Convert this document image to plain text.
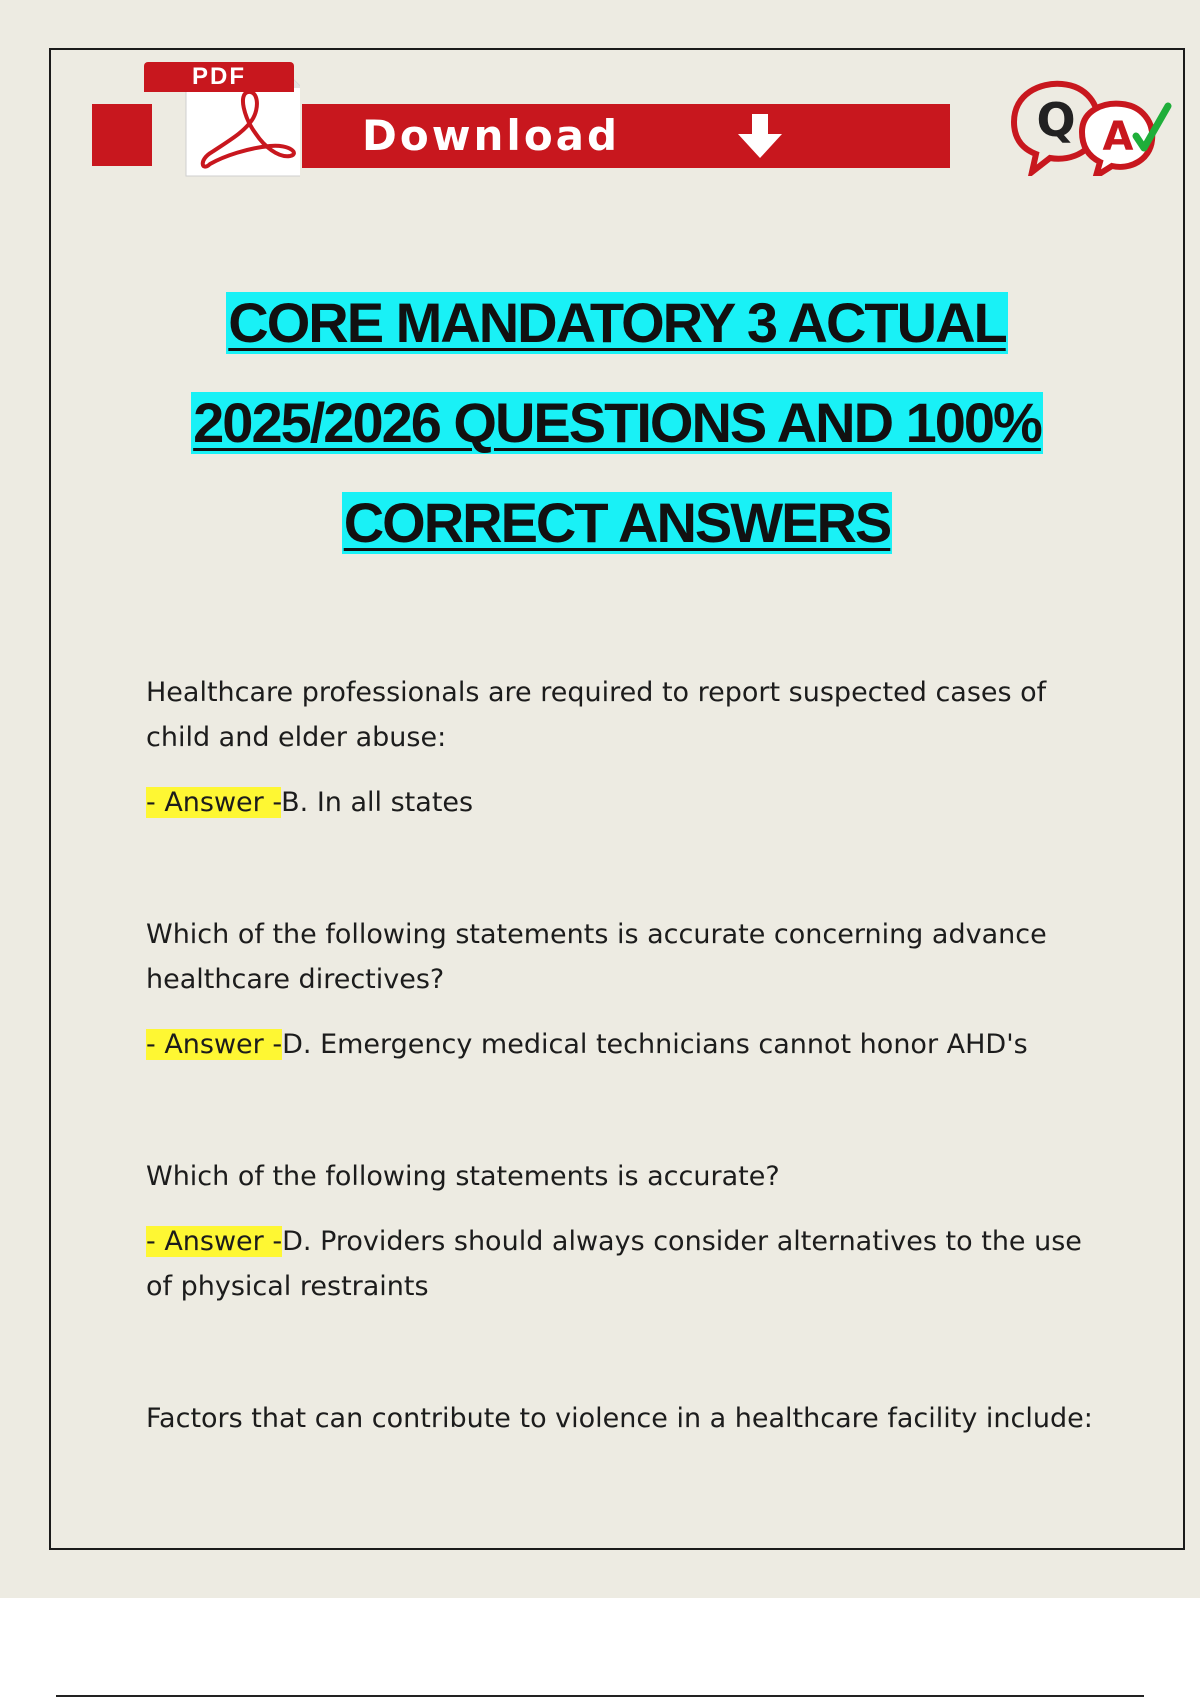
PDF
Download	Q A
CORE MANDATORY 3 ACTUAL
2025/2026 QUESTIONS AND 100%
CORRECT ANSWERS

Healthcare professionals are required to report suspected cases of child and elder abuse:

- Answer -B. In all states

Which of the following statements is accurate concerning advance healthcare directives?

- Answer -D. Emergency medical technicians cannot honor AHD's

Which of the following statements is accurate?

- Answer -D. Providers should always consider alternatives to the use of physical restraints

Factors that can contribute to violence in a healthcare facility include:
